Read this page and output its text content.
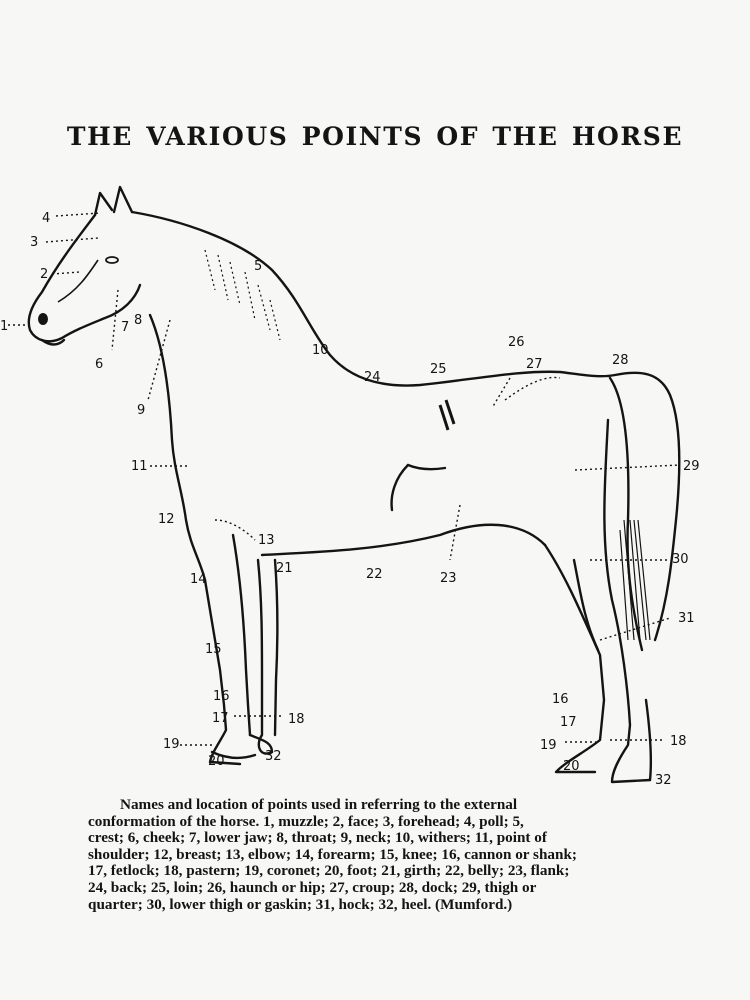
THE VARIOUS POINTS OF THE HORSE
1
2
3
4
5
6
7 8
9
10
11
12
13
14
15
16
17	18
19
20
21	22	23
24
25
26
27	28
29
30
31
32
16
17
18
19
20
32
Names and location of points used in referring to the external
conformation of the horse. 1, muzzle; 2, face; 3, forehead; 4, poll; 5,
crest; 6, cheek; 7, lower jaw; 8, throat; 9, neck; 10, withers; 11, point of
shoulder; 12, breast; 13, elbow; 14, forearm; 15, knee; 16, cannon or shank;
17, fetlock; 18, pastern; 19, coronet; 20, foot; 21, girth; 22, belly; 23, flank;
24, back; 25, loin; 26, haunch or hip; 27, croup; 28, dock; 29, thigh or
quarter; 30, lower thigh or gaskin; 31, hock; 32, heel. (Mumford.)
